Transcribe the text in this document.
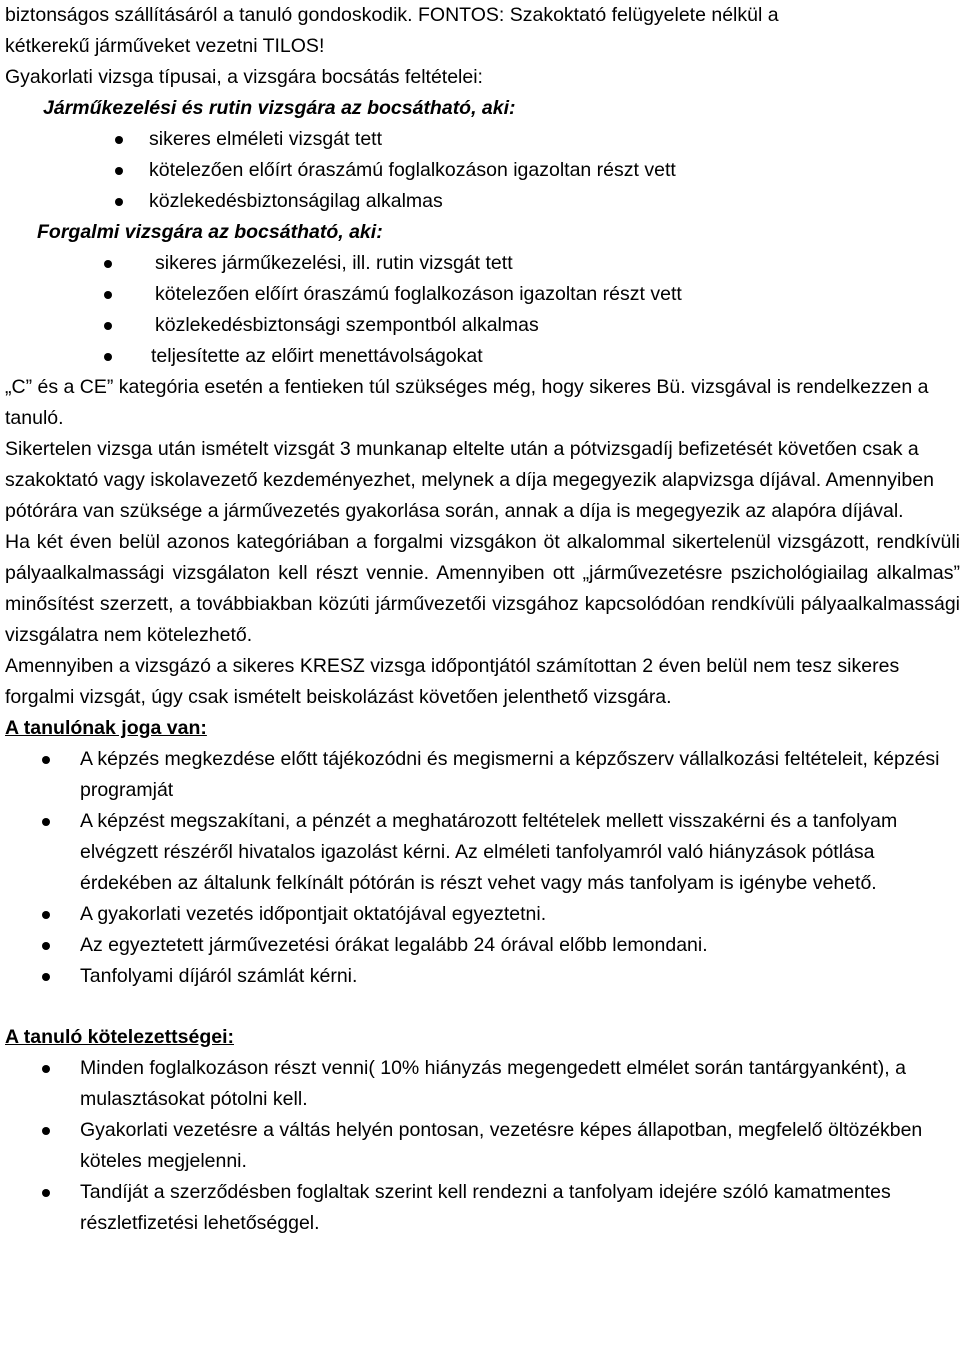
biztonságos szállításáról a tanuló gondoskodik. FONTOS: Szakoktató felügyelete nélkül a
kétkerekű járműveket vezetni TILOS!
Gyakorlati vizsga típusai, a vizsgára bocsátás feltételei:
Járműkezelési és rutin vizsgára az bocsátható, aki:
sikeres elméleti vizsgát tett
kötelezően előírt óraszámú foglalkozáson igazoltan részt vett
közlekedésbiztonságilag alkalmas
Forgalmi vizsgára az bocsátható, aki:
sikeres járműkezelési, ill. rutin vizsgát tett
kötelezően előírt óraszámú foglalkozáson igazoltan részt vett
közlekedésbiztonsági szempontból alkalmas
teljesítette az előirt menettávolságokat

„C” és a CE” kategória esetén a fentieken túl szükséges még, hogy sikeres Bü. vizsgával is rendelkezzen a tanuló.

Sikertelen vizsga után ismételt vizsgát 3 munkanap eltelte után a pótvizsgadíj befizetését követően csak a szakoktató vagy iskolavezető kezdeményezhet, melynek a díja megegyezik alapvizsga díjával. Amennyiben pótórára van szüksége a járművezetés gyakorlása során, annak a díja is megegyezik az alapóra díjával.

Ha két éven belül azonos kategóriában a forgalmi vizsgákon öt alkalommal sikertelenül vizsgázott, rendkívüli pályaalkalmassági vizsgálaton kell részt vennie. Amennyiben ott „járművezetésre pszichológiailag alkalmas” minősítést szerzett, a továbbiakban közúti járművezetői vizsgához kapcsolódóan rendkívüli pályaalkalmassági vizsgálatra nem kötelezhető.

Amennyiben a vizsgázó a sikeres KRESZ vizsga időpontjától számítottan 2 éven belül nem tesz sikeres forgalmi vizsgát, úgy csak ismételt beiskolázást követően jelenthető vizsgára.

A tanulónak joga van:
A képzés megkezdése előtt tájékozódni és megismerni a képzőszerv vállalkozási feltételeit, képzési programját
A képzést megszakítani, a pénzét a meghatározott feltételek mellett visszakérni és a tanfolyam elvégzett részéről hivatalos igazolást kérni. Az elméleti tanfolyamról való hiányzások pótlása érdekében az általunk felkínált pótórán is részt vehet vagy más tanfolyam is igénybe vehető.
A gyakorlati vezetés időpontjait oktatójával egyeztetni.
Az egyeztetett járművezetési órákat legalább 24 órával előbb lemondani.
Tanfolyami díjáról számlát kérni.
A tanuló kötelezettségei:
Minden foglalkozáson részt venni( 10% hiányzás megengedett elmélet során tantárgyanként), a mulasztásokat pótolni kell.
Gyakorlati vezetésre a váltás helyén pontosan, vezetésre képes állapotban, megfelelő öltözékben köteles megjelenni.
Tandíját a szerződésben foglaltak szerint kell rendezni a tanfolyam idejére szóló kamatmentes részletfizetési lehetőséggel.
